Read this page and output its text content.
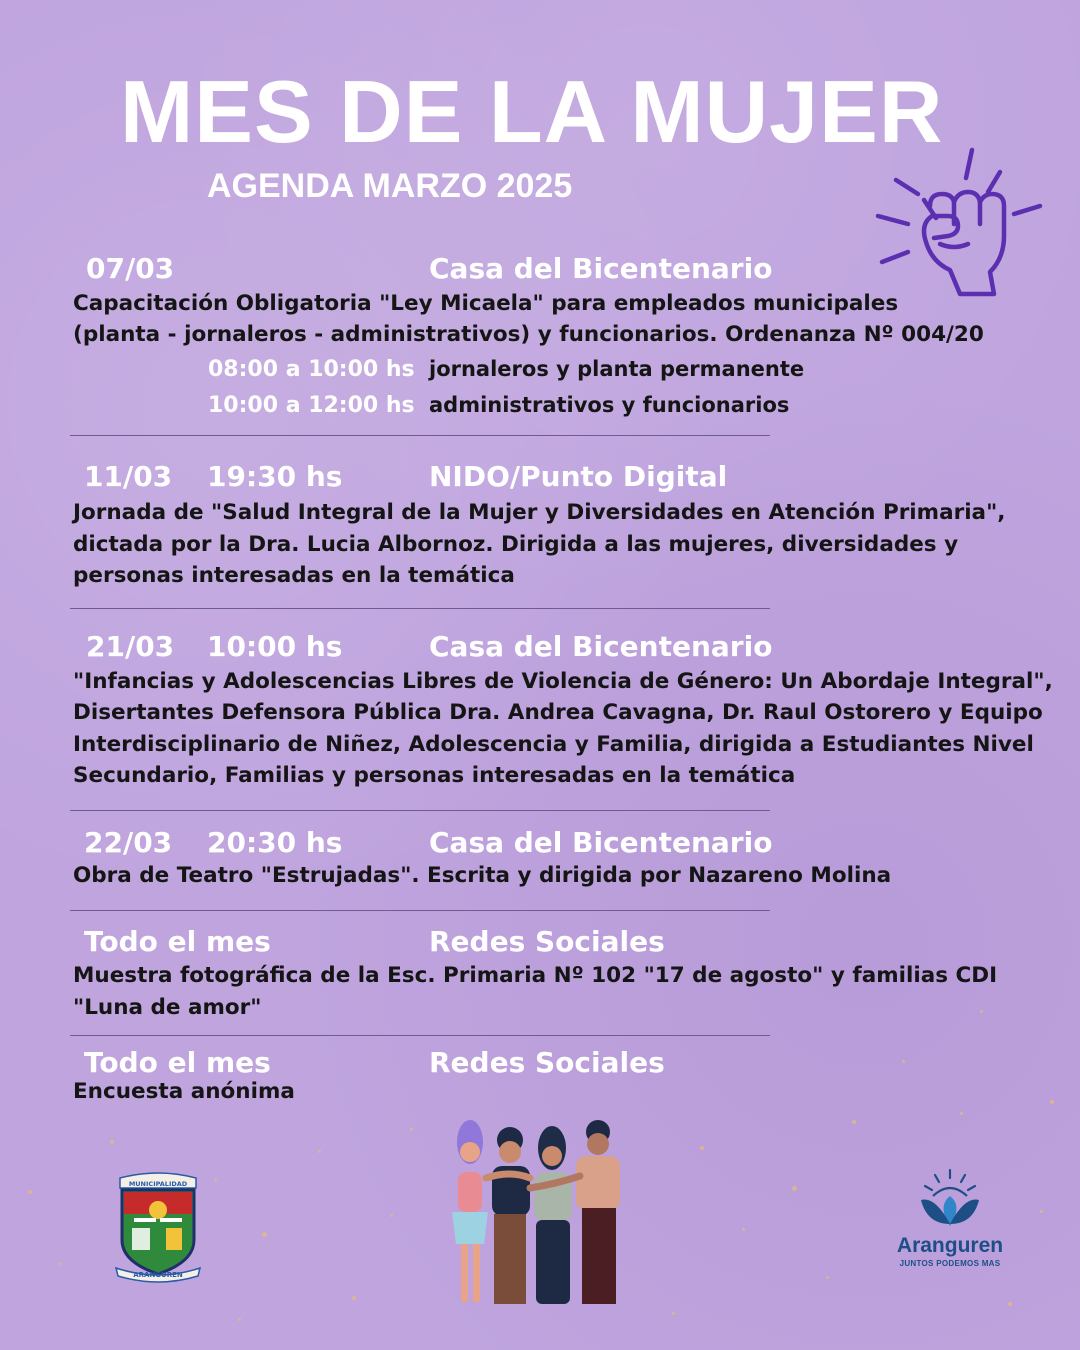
MES DE LA MUJER
AGENDA MARZO 2025

07/03	Casa del Bicentenario

Capacitación Obligatoria "Ley Micaela" para empleados municipales

(planta - jornaleros - administrativos) y funcionarios. Ordenanza Nº 004/20

08:00 a 10:00 hs jornaleros y planta permanente

10:00 a 12:00 hs administrativos y funcionarios

11/03 19:30 hs	NIDO/Punto Digital

Jornada de "Salud Integral de la Mujer y Diversidades en Atención Primaria",

dictada por la Dra. Lucia Albornoz. Dirigida a las mujeres, diversidades y

personas interesadas en la temática

21/03 10:00 hs	Casa del Bicentenario

"Infancias y Adolescencias Libres de Violencia de Género: Un Abordaje Integral",

Disertantes Defensora Pública Dra. Andrea Cavagna, Dr. Raul Ostorero y Equipo

Interdisciplinario de Niñez, Adolescencia y Familia, dirigida a Estudiantes Nivel

Secundario, Familias y personas interesadas en la temática

22/03 20:30 hs	Casa del Bicentenario

Obra de Teatro "Estrujadas". Escrita y dirigida por Nazareno Molina

Todo el mes	Redes Sociales

Muestra fotográfica de la Esc. Primaria Nº 102 "17 de agosto" y familias CDI

"Luna de amor"

Todo el mes	Redes Sociales

Encuesta anónima

MUNICIPALIDAD
ARANGUREN
Aranguren
JUNTOS PODEMOS MAS
